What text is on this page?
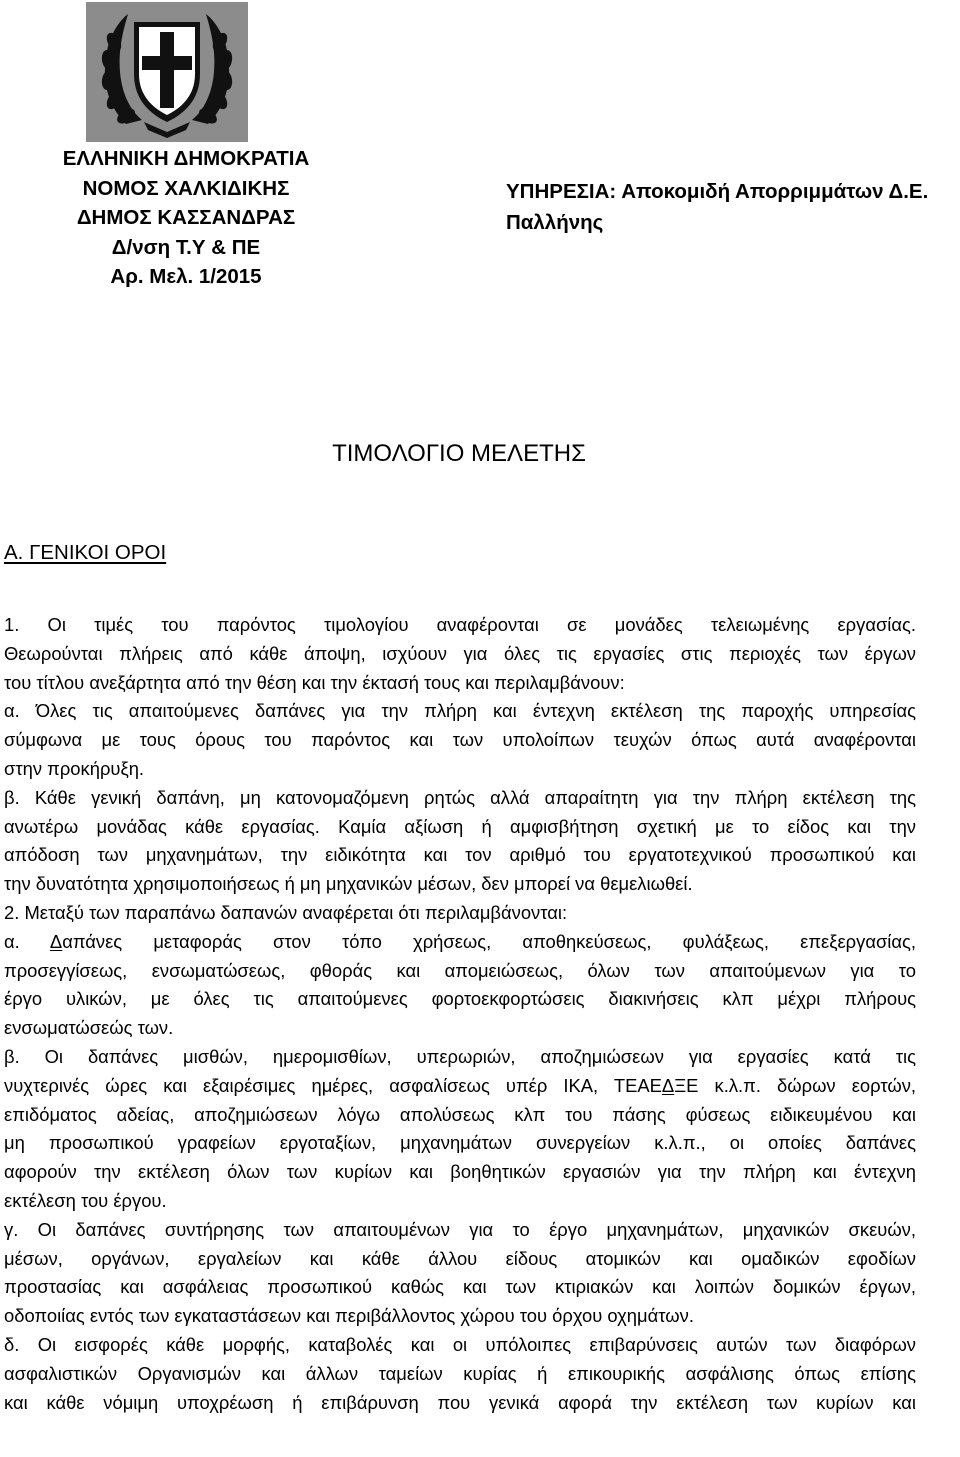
ΕΛΛΗΝΙΚΗ ΔΗΜΟΚΡΑΤΙΑ
ΝΟΜΟΣ ΧΑΛΚΙΔΙΚΗΣ
ΔΗΜΟΣ ΚΑΣΣΑΝΔΡΑΣ
Δ/νση Τ.Υ & ΠΕ
Αρ. Μελ. 1/2015
ΥΠΗΡΕΣΙΑ: Αποκομιδή Απορριμμάτων Δ.Ε.
Παλλήνης
ΤΙΜΟΛΟΓΙΟ ΜΕΛΕΤΗΣ
Α. ΓΕΝΙΚΟΙ ΟΡΟΙ
1. Οι τιμές του παρόντος τιμολογίου αναφέρονται σε μονάδες τελειωμένης εργασίας.
Θεωρούνται πλήρεις από κάθε άποψη, ισχύουν για όλες τις εργασίες στις περιοχές των έργων
του τίτλου ανεξάρτητα από την θέση και την έκτασή τους και περιλαμβάνουν:
α. Όλες τις απαιτούμενες δαπάνες για την πλήρη και έντεχνη εκτέλεση της παροχής υπηρεσίας
σύμφωνα με τους όρους του παρόντος και των υπολοίπων τευχών όπως αυτά αναφέρονται
στην προκήρυξη.
β. Κάθε γενική δαπάνη, μη κατονομαζόμενη ρητώς αλλά απαραίτητη για την πλήρη εκτέλεση της
ανωτέρω μονάδας κάθε εργασίας. Καμία αξίωση ή αμφισβήτηση σχετική με το είδος και την
απόδοση των μηχανημάτων, την ειδικότητα και τον αριθμό του εργατοτεχνικού προσωπικού και
την δυνατότητα χρησιμοποιήσεως ή μη μηχανικών μέσων, δεν μπορεί να θεμελιωθεί.
2. Μεταξύ των παραπάνω δαπανών αναφέρεται ότι περιλαμβάνονται:
α. Δαπάνες μεταφοράς στον τόπο χρήσεως, αποθηκεύσεως, φυλάξεως, επεξεργασίας,
προσεγγίσεως, ενσωματώσεως, φθοράς και απομειώσεως, όλων των απαιτούμενων για το
έργο υλικών, με όλες τις απαιτούμενες φορτοεκφορτώσεις διακινήσεις κλπ μέχρι πλήρους
ενσωματώσεώς των.
β. Οι δαπάνες μισθών, ημερομισθίων, υπερωριών, αποζημιώσεων για εργασίες κατά τις
νυχτερινές ώρες και εξαιρέσιμες ημέρες, ασφαλίσεως υπέρ ΙΚΑ, ΤΕΑΕΔΞΕ κ.λ.π. δώρων εορτών,
επιδόματος αδείας, αποζημιώσεων λόγω απολύσεως κλπ του πάσης φύσεως ειδικευμένου και
μη προσωπικού γραφείων εργοταξίων, μηχανημάτων συνεργείων κ.λ.π., οι οποίες δαπάνες
αφορούν την εκτέλεση όλων των κυρίων και βοηθητικών εργασιών για την πλήρη και έντεχνη
εκτέλεση του έργου.
γ. Οι δαπάνες συντήρησης των απαιτουμένων για το έργο μηχανημάτων, μηχανικών σκευών,
μέσων, οργάνων, εργαλείων και κάθε άλλου είδους ατομικών και ομαδικών εφοδίων
προστασίας και ασφάλειας προσωπικού καθώς και των κτιριακών και λοιπών δομικών έργων,
οδοποιίας εντός των εγκαταστάσεων και περιβάλλοντος χώρου του όρχου οχημάτων.
δ. Οι εισφορές κάθε μορφής, καταβολές και οι υπόλοιπες επιβαρύνσεις αυτών των διαφόρων
ασφαλιστικών Οργανισμών και άλλων ταμείων κυρίας ή επικουρικής ασφάλισης όπως επίσης
και κάθε νόμιμη υποχρέωση ή επιβάρυνση που γενικά αφορά την εκτέλεση των κυρίων και
